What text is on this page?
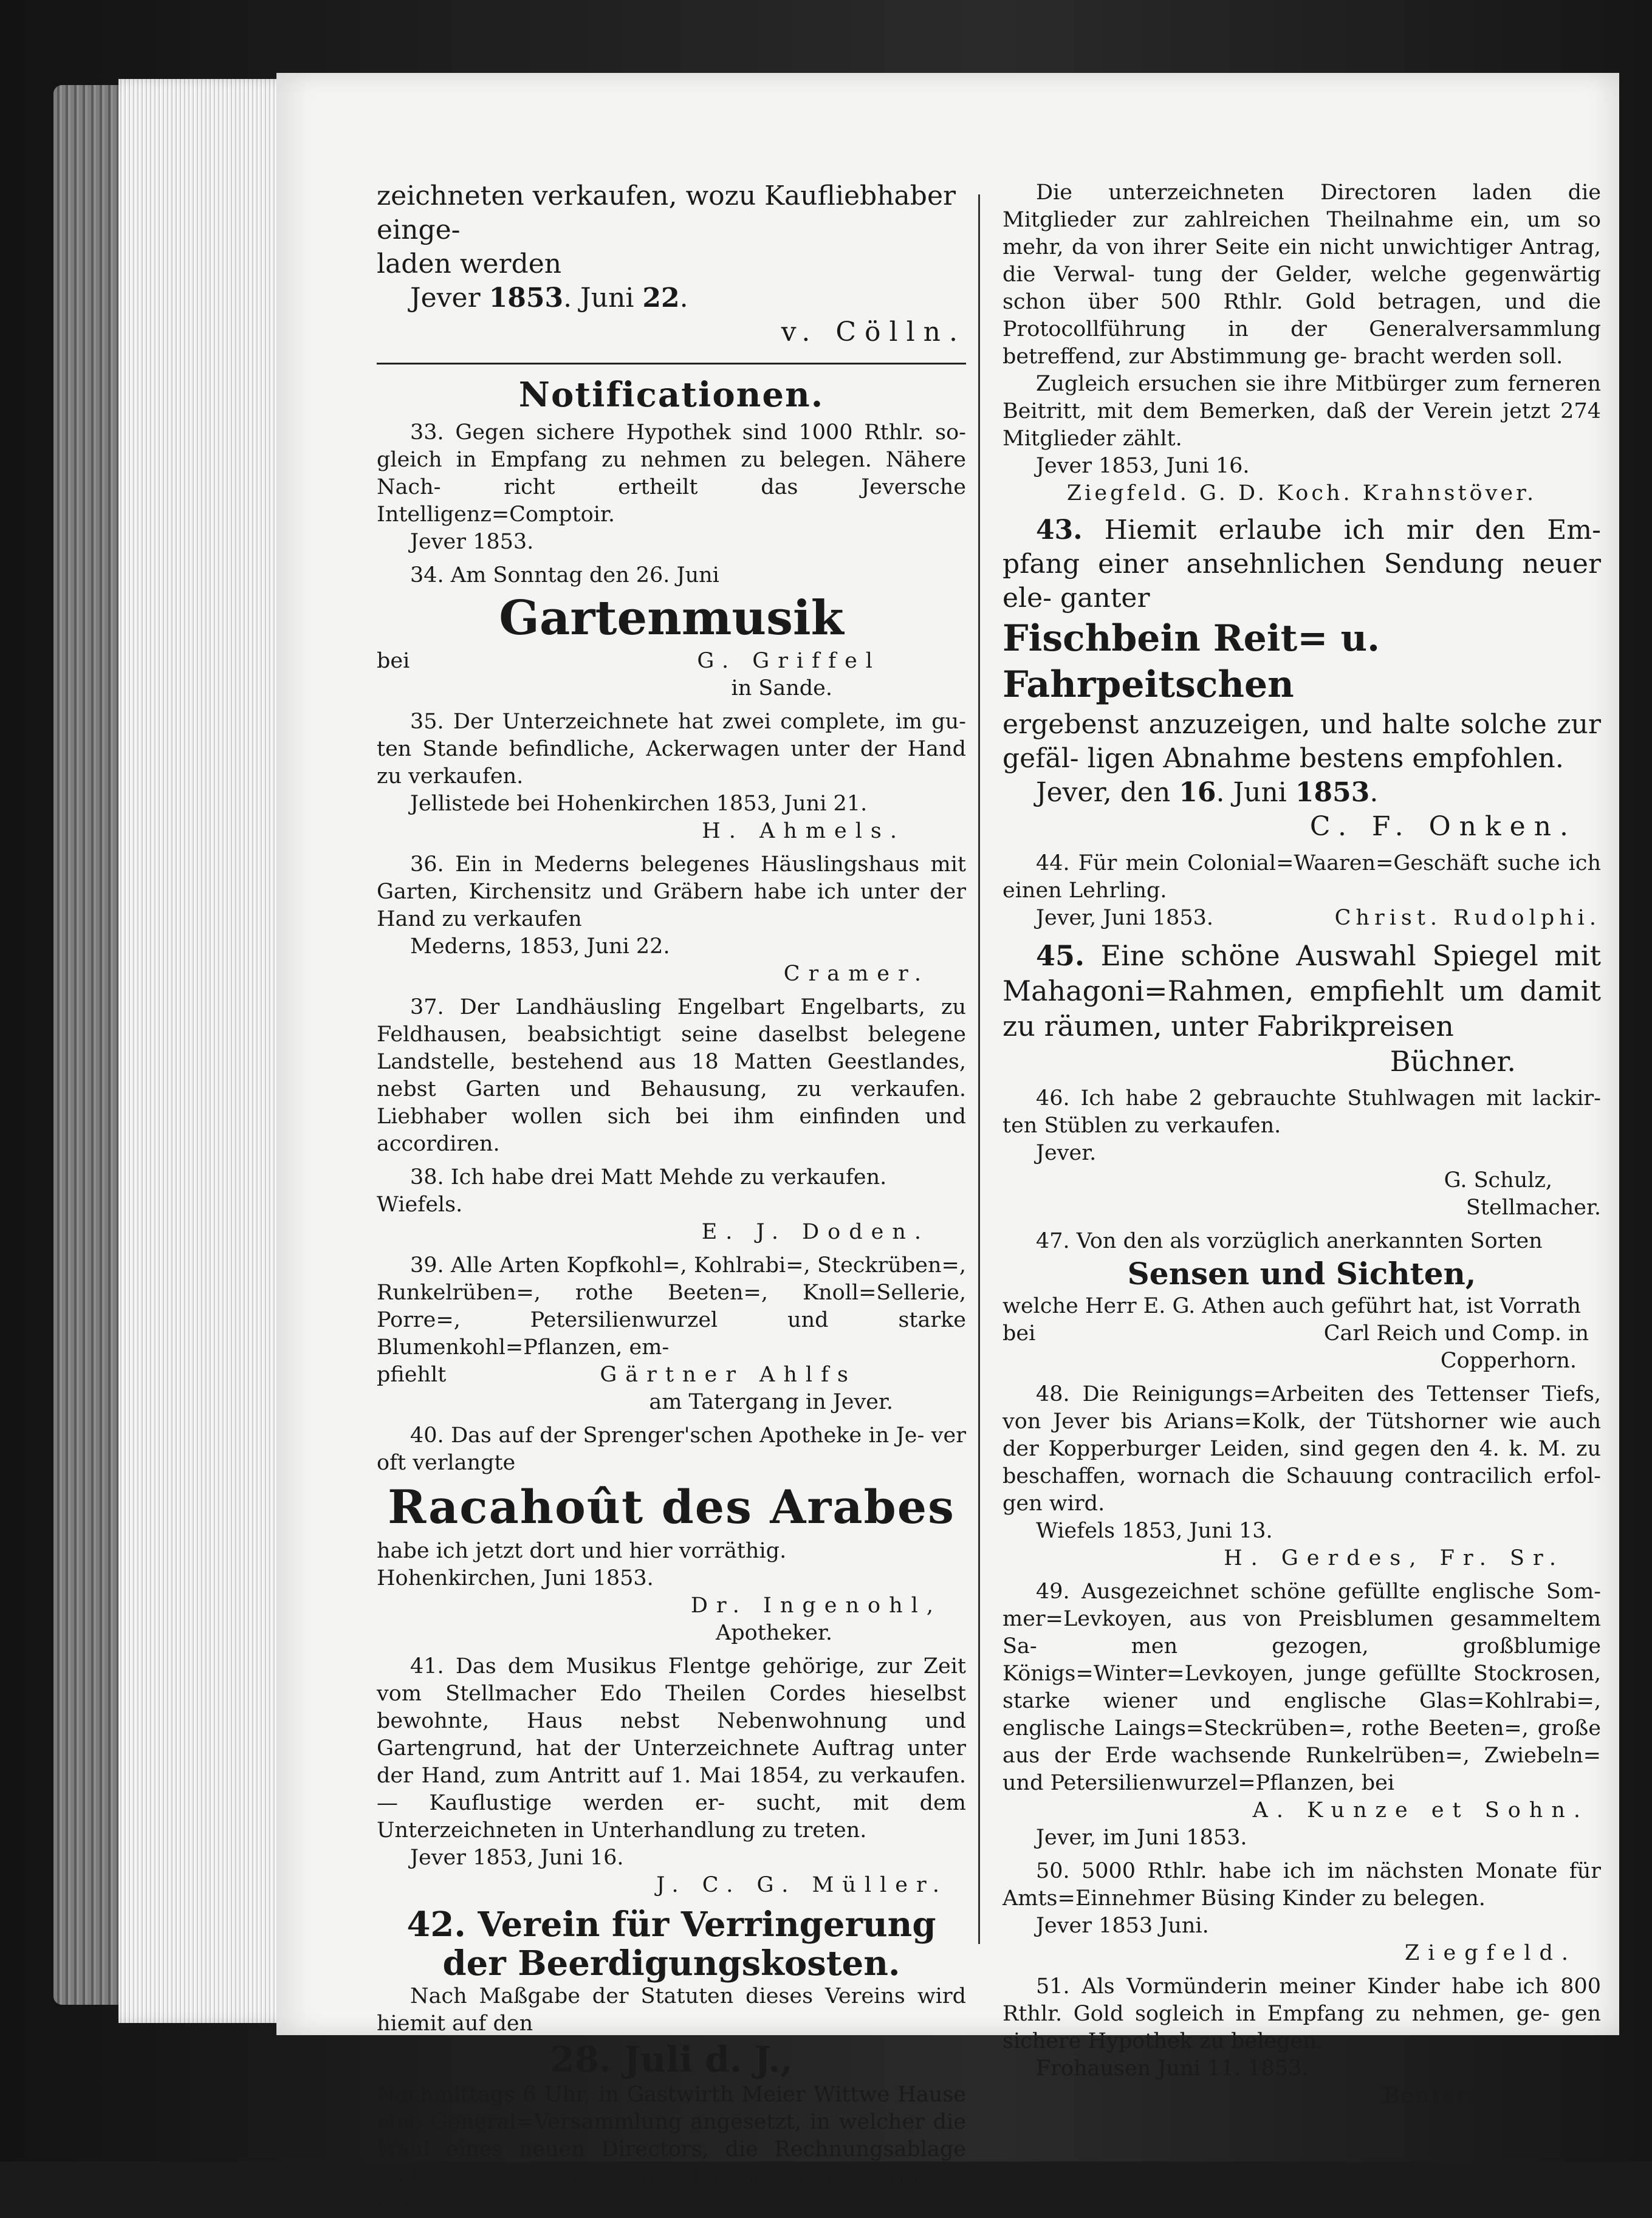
zeichneten verkaufen, wozu Kaufliebhaber einge-
laden werden
Jever 1853. Juni 22.
v. Cölln.
Notificationen.

33. Gegen sichere Hypothek sind 1000 Rthlr. so- gleich in Empfang zu nehmen zu belegen. Nähere Nach- richt ertheilt das Jeversche Intelligenz=Comptoir.

Jever 1853.

34. Am Sonntag den 26. Juni

Gartenmusik
bei	G. Griffel

in Sande.

35. Der Unterzeichnete hat zwei complete, im gu- ten Stande befindliche, Ackerwagen unter der Hand zu verkaufen.

Jellistede bei Hohenkirchen 1853, Juni 21.

H. Ahmels.

36. Ein in Mederns belegenes Häuslingshaus mit Garten, Kirchensitz und Gräbern habe ich unter der Hand zu verkaufen

Mederns, 1853, Juni 22.

Cramer.

37. Der Landhäusling Engelbart Engelbarts, zu Feldhausen, beabsichtigt seine daselbst belegene Landstelle, bestehend aus 18 Matten Geestlandes, nebst Garten und Behausung, zu verkaufen. Liebhaber wollen sich bei ihm einfinden und accordiren.

38. Ich habe drei Matt Mehde zu verkaufen.

Wiefels.

E. J. Doden.

39. Alle Arten Kopfkohl=, Kohlrabi=, Steckrüben=, Runkelrüben=, rothe Beeten=, Knoll=Sellerie, Porre=, Petersilienwurzel und starke Blumenkohl=Pflanzen, em-

pfiehlt	Gärtner Ahlfs

am Tatergang in Jever.

40. Das auf der Sprenger'schen Apotheke in Je- ver oft verlangte

Racahoût des Arabes

habe ich jetzt dort und hier vorräthig.

Hohenkirchen, Juni 1853.

Dr. Ingenohl,

Apotheker.

41. Das dem Musikus Flentge gehörige, zur Zeit vom Stellmacher Edo Theilen Cordes hieselbst bewohnte, Haus nebst Nebenwohnung und Gartengrund, hat der Unterzeichnete Auftrag unter der Hand, zum Antritt auf 1. Mai 1854, zu verkaufen. — Kauflustige werden er- sucht, mit dem Unterzeichneten in Unterhandlung zu treten.

Jever 1853, Juni 16.

J. C. G. Müller.

42. Verein für Verringerung der Beerdigungskosten.

Nach Maßgabe der Statuten dieses Vereins wird hiemit auf den

28. Juli d. J.,

Nachmittags 6 Uhr, in Gastwirth Meier Wittwe Hause eine General=Versammlung angesetzt, in welcher die Wahl eines neuen Directors, die Rechnungsablage und etwaige Abänderung der Statuten stattfinden muß.

Die unterzeichneten Directoren laden die Mitglieder zur zahlreichen Theilnahme ein, um so mehr, da von ihrer Seite ein nicht unwichtiger Antrag, die Verwal- tung der Gelder, welche gegenwärtig schon über 500 Rthlr. Gold betragen, und die Protocollführung in der Generalversammlung betreffend, zur Abstimmung ge- bracht werden soll.

Zugleich ersuchen sie ihre Mitbürger zum ferneren Beitritt, mit dem Bemerken, daß der Verein jetzt 274 Mitglieder zählt.

Jever 1853, Juni 16.

Ziegfeld. G. D. Koch. Krahnstöver.

43. Hiemit erlaube ich mir den Em- pfang einer ansehnlichen Sendung neuer ele- ganter

Fischbein Reit= u. Fahrpeitschen

ergebenst anzuzeigen, und halte solche zur gefäl- ligen Abnahme bestens empfohlen.

Jever, den 16. Juni 1853.

C. F. Onken.

44. Für mein Colonial=Waaren=Geschäft suche ich einen Lehrling.

Jever, Juni 1853.	Christ. Rudolphi.

45. Eine schöne Auswahl Spiegel mit Mahagoni=Rahmen, empfiehlt um damit zu räumen, unter Fabrikpreisen

Büchner.

46. Ich habe 2 gebrauchte Stuhlwagen mit lackir- ten Stüblen zu verkaufen.

Jever.

G. Schulz,

Stellmacher.

47. Von den als vorzüglich anerkannten Sorten

Sensen und Sichten,

welche Herr E. G. Athen auch geführt hat, ist Vorrath

bei	Carl Reich und Comp. in

Copperhorn.

48. Die Reinigungs=Arbeiten des Tettenser Tiefs, von Jever bis Arians=Kolk, der Tütshorner wie auch der Kopperburger Leiden, sind gegen den 4. k. M. zu beschaffen, wornach die Schauung contracilich erfol- gen wird.

Wiefels 1853, Juni 13.

H. Gerdes, Fr. Sr.

49. Ausgezeichnet schöne gefüllte englische Som- mer=Levkoyen, aus von Preisblumen gesammeltem Sa- men gezogen, großblumige Königs=Winter=Levkoyen, junge gefüllte Stockrosen, starke wiener und englische Glas=Kohlrabi=, englische Laings=Steckrüben=, rothe Beeten=, große aus der Erde wachsende Runkelrüben=, Zwiebeln= und Petersilienwurzel=Pflanzen, bei

A. Kunze et Sohn.

Jever, im Juni 1853.

50. 5000 Rthlr. habe ich im nächsten Monate für Amts=Einnehmer Büsing Kinder zu belegen.

Jever 1853 Juni.

Ziegfeld.

51. Als Vormünderin meiner Kinder habe ich 800 Rthlr. Gold sogleich in Empfang zu nehmen, ge- gen sichere Hypothek zu belegen.

Frohausen Juni 11. 1853.

Benters, Wwe.
